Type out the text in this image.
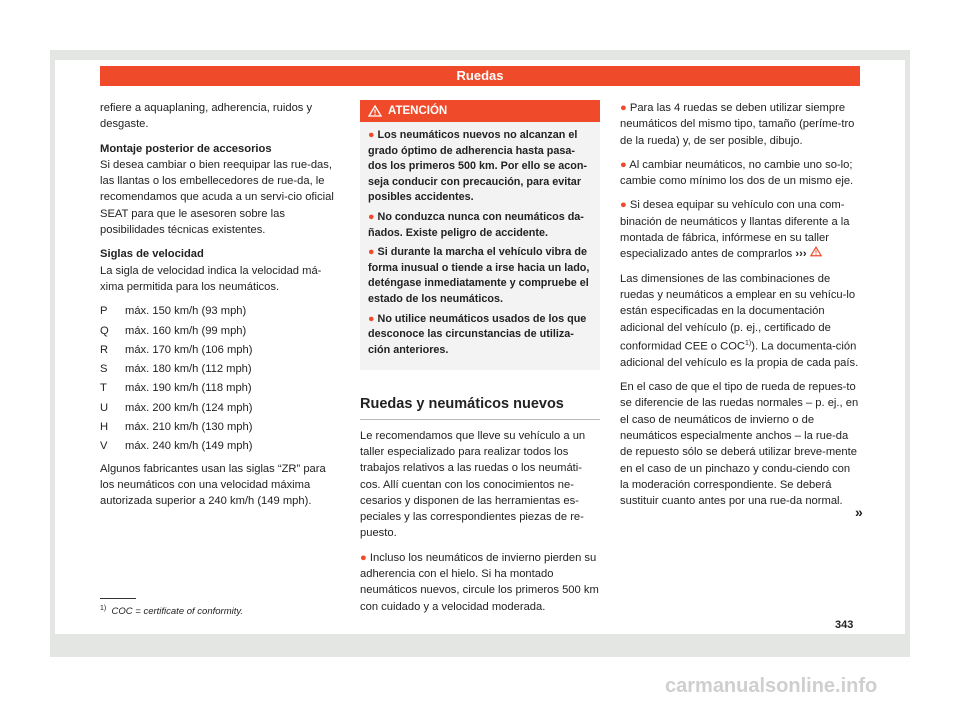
Ruedas

refiere a aquaplaning, adherencia, ruidos y desgaste.

Montaje posterior de accesorios

Si desea cambiar o bien reequipar las rue-das, las llantas o los embellecedores de rue-da, le recomendamos que acuda a un servi-cio oficial SEAT para que le asesoren sobre las posibilidades técnicas existentes.

Siglas de velocidad

La sigla de velocidad indica la velocidad má-xima permitida para los neumáticos.

P	máx. 150 km/h (93 mph)
Q	máx. 160 km/h (99 mph)
R	máx. 170 km/h (106 mph)
S	máx. 180 km/h (112 mph)
T	máx. 190 km/h (118 mph)
U	máx. 200 km/h (124 mph)
H	máx. 210 km/h (130 mph)
V	máx. 240 km/h (149 mph)

Algunos fabricantes usan las siglas “ZR” para los neumáticos con una velocidad máxima autorizada superior a 240 km/h (149 mph).

ATENCIÓN

● Los neumáticos nuevos no alcanzan el grado óptimo de adherencia hasta pasa-dos los primeros 500 km. Por ello se acon-seja conducir con precaución, para evitar posibles accidentes.

● No conduzca nunca con neumáticos da-ñados. Existe peligro de accidente.

● Si durante la marcha el vehículo vibra de forma inusual o tiende a irse hacia un lado, deténgase inmediatamente y compruebe el estado de los neumáticos.

● No utilice neumáticos usados de los que desconoce las circunstancias de utiliza-ción anteriores.

Ruedas y neumáticos nuevos

Le recomendamos que lleve su vehículo a un taller especializado para realizar todos los trabajos relativos a las ruedas o los neumáti-cos. Allí cuentan con los conocimientos ne-cesarios y disponen de las herramientas es-peciales y las correspondientes piezas de re-puesto.

● Incluso los neumáticos de invierno pierden su adherencia con el hielo. Si ha montado neumáticos nuevos, circule los primeros 500 km con cuidado y a velocidad moderada.

● Para las 4 ruedas se deben utilizar siempre neumáticos del mismo tipo, tamaño (períme-tro de la rueda) y, de ser posible, dibujo.

● Al cambiar neumáticos, no cambie uno so-lo; cambie como mínimo los dos de un mismo eje.

● Si desea equipar su vehículo con una com-binación de neumáticos y llantas diferente a la montada de fábrica, infórmese en su taller especializado antes de comprarlos ›››

Las dimensiones de las combinaciones de ruedas y neumáticos a emplear en su vehícu-lo están especificadas en la documentación adicional del vehículo (p. ej., certificado de conformidad CEE o COC$^{1)}$). La documenta-ción adicional del vehículo es la propia de cada país.

En el caso de que el tipo de rueda de repues-to se diferencie de las ruedas normales – p. ej., en el caso de neumáticos de invierno o de neumáticos especialmente anchos – la rue-da de repuesto sólo se deberá utilizar breve-mente en el caso de un pinchazo y condu-ciendo con la moderación correspondiente. Se deberá sustituir cuanto antes por una rue-da normal.

»
$^{1)}$ COC = certificate of conformity.
343
carmanualsonline.info
